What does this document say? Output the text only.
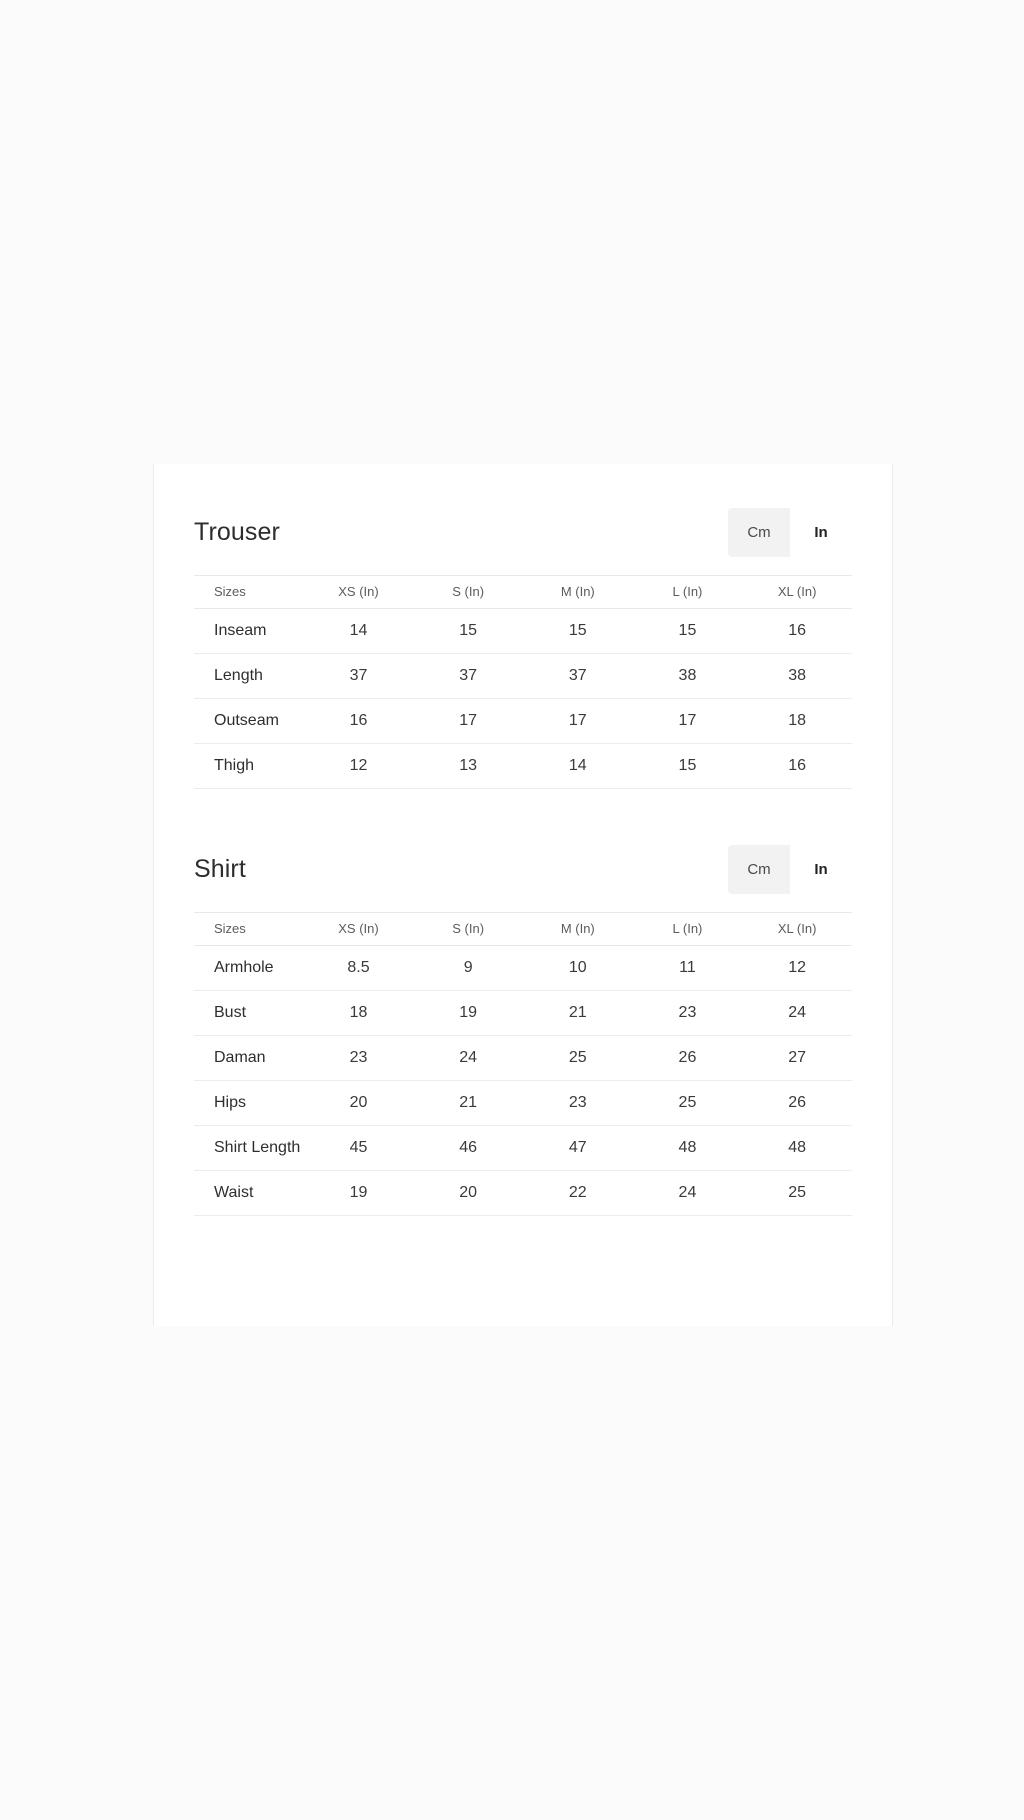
Trouser	Cm	In
Sizes	XS (In)	S (In)	M (In)	L (In)	XL (In)
Inseam	14	15	15	15	16
Length	37	37	37	38	38
Outseam	16	17	17	17	18
Thigh	12	13	14	15	16
Shirt	Cm	In
Sizes	XS (In)	S (In)	M (In)	L (In)	XL (In)
Armhole	8.5	9	10	11	12
Bust	18	19	21	23	24
Daman	23	24	25	26	27
Hips	20	21	23	25	26
Shirt Length	45	46	47	48	48
Waist	19	20	22	24	25
